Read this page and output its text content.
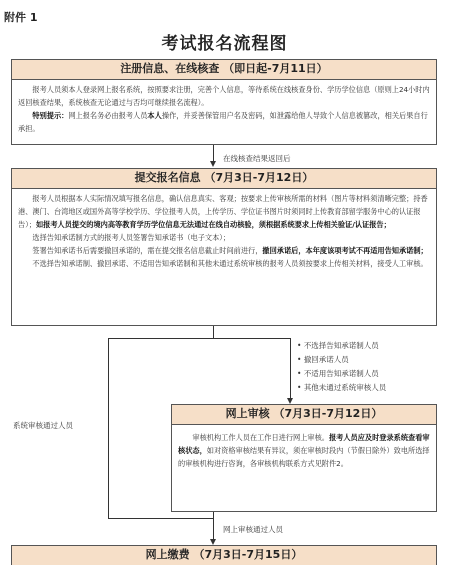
附件 1
考试报名流程图
注册信息、在线核查 （即日起-7月11日）

报考人员须本人登录网上报名系统，按照要求注册，完善个人信息，等待系统在线核查身份、学历学位信息（原则上24小时内返回核查结果，系统核查无论通过与否均可继续报名流程）。

特别提示：网上报名务必由报考人员本人操作，并妥善保管用户名及密码，如泄露给他人导致个人信息被篡改，相关后果自行承担。

在线核查结果返回后
提交报名信息 （7月3日-7月12日）

报考人员根据本人实际情况填写报名信息，确认信息真实、客观；按要求上传审核所需的材料（图片等材料须清晰完整；持香港、澳门、台湾地区或国外高等学校学历、学位报考人员，上传学历、学位证书图片时须同时上传教育部留学服务中心的认证报告）；如报考人员提交的境内高等教育学历学位信息无法通过在线自动核验，须根据系统要求上传相关验证/认证报告；

选择告知承诺制方式的报考人员签署告知承诺书（电子文本）；

签署告知承诺书后需要撤回承诺的，需在提交报名信息截止时间前进行，撤回承诺后，本年度该项考试不再适用告知承诺制；

不选择告知承诺制、撤回承诺、不适用告知承诺制和其他未通过系统审核的报考人员须按要求上传相关材料，接受人工审核。

• 不选择告知承诺制人员
• 撤回承诺人员
• 不适用告知承诺制人员
• 其他未通过系统审核人员
系统审核通过人员
网上审核 （7月3日-7月12日）

审核机构工作人员在工作日进行网上审核。报考人员应及时登录系统查看审核状态，如对资格审核结果有异议，须在审核时段内（节假日除外）致电所选择的审核机构进行咨询，各审核机构联系方式见附件2。

网上审核通过人员
网上缴费 （7月3日-7月15日）
